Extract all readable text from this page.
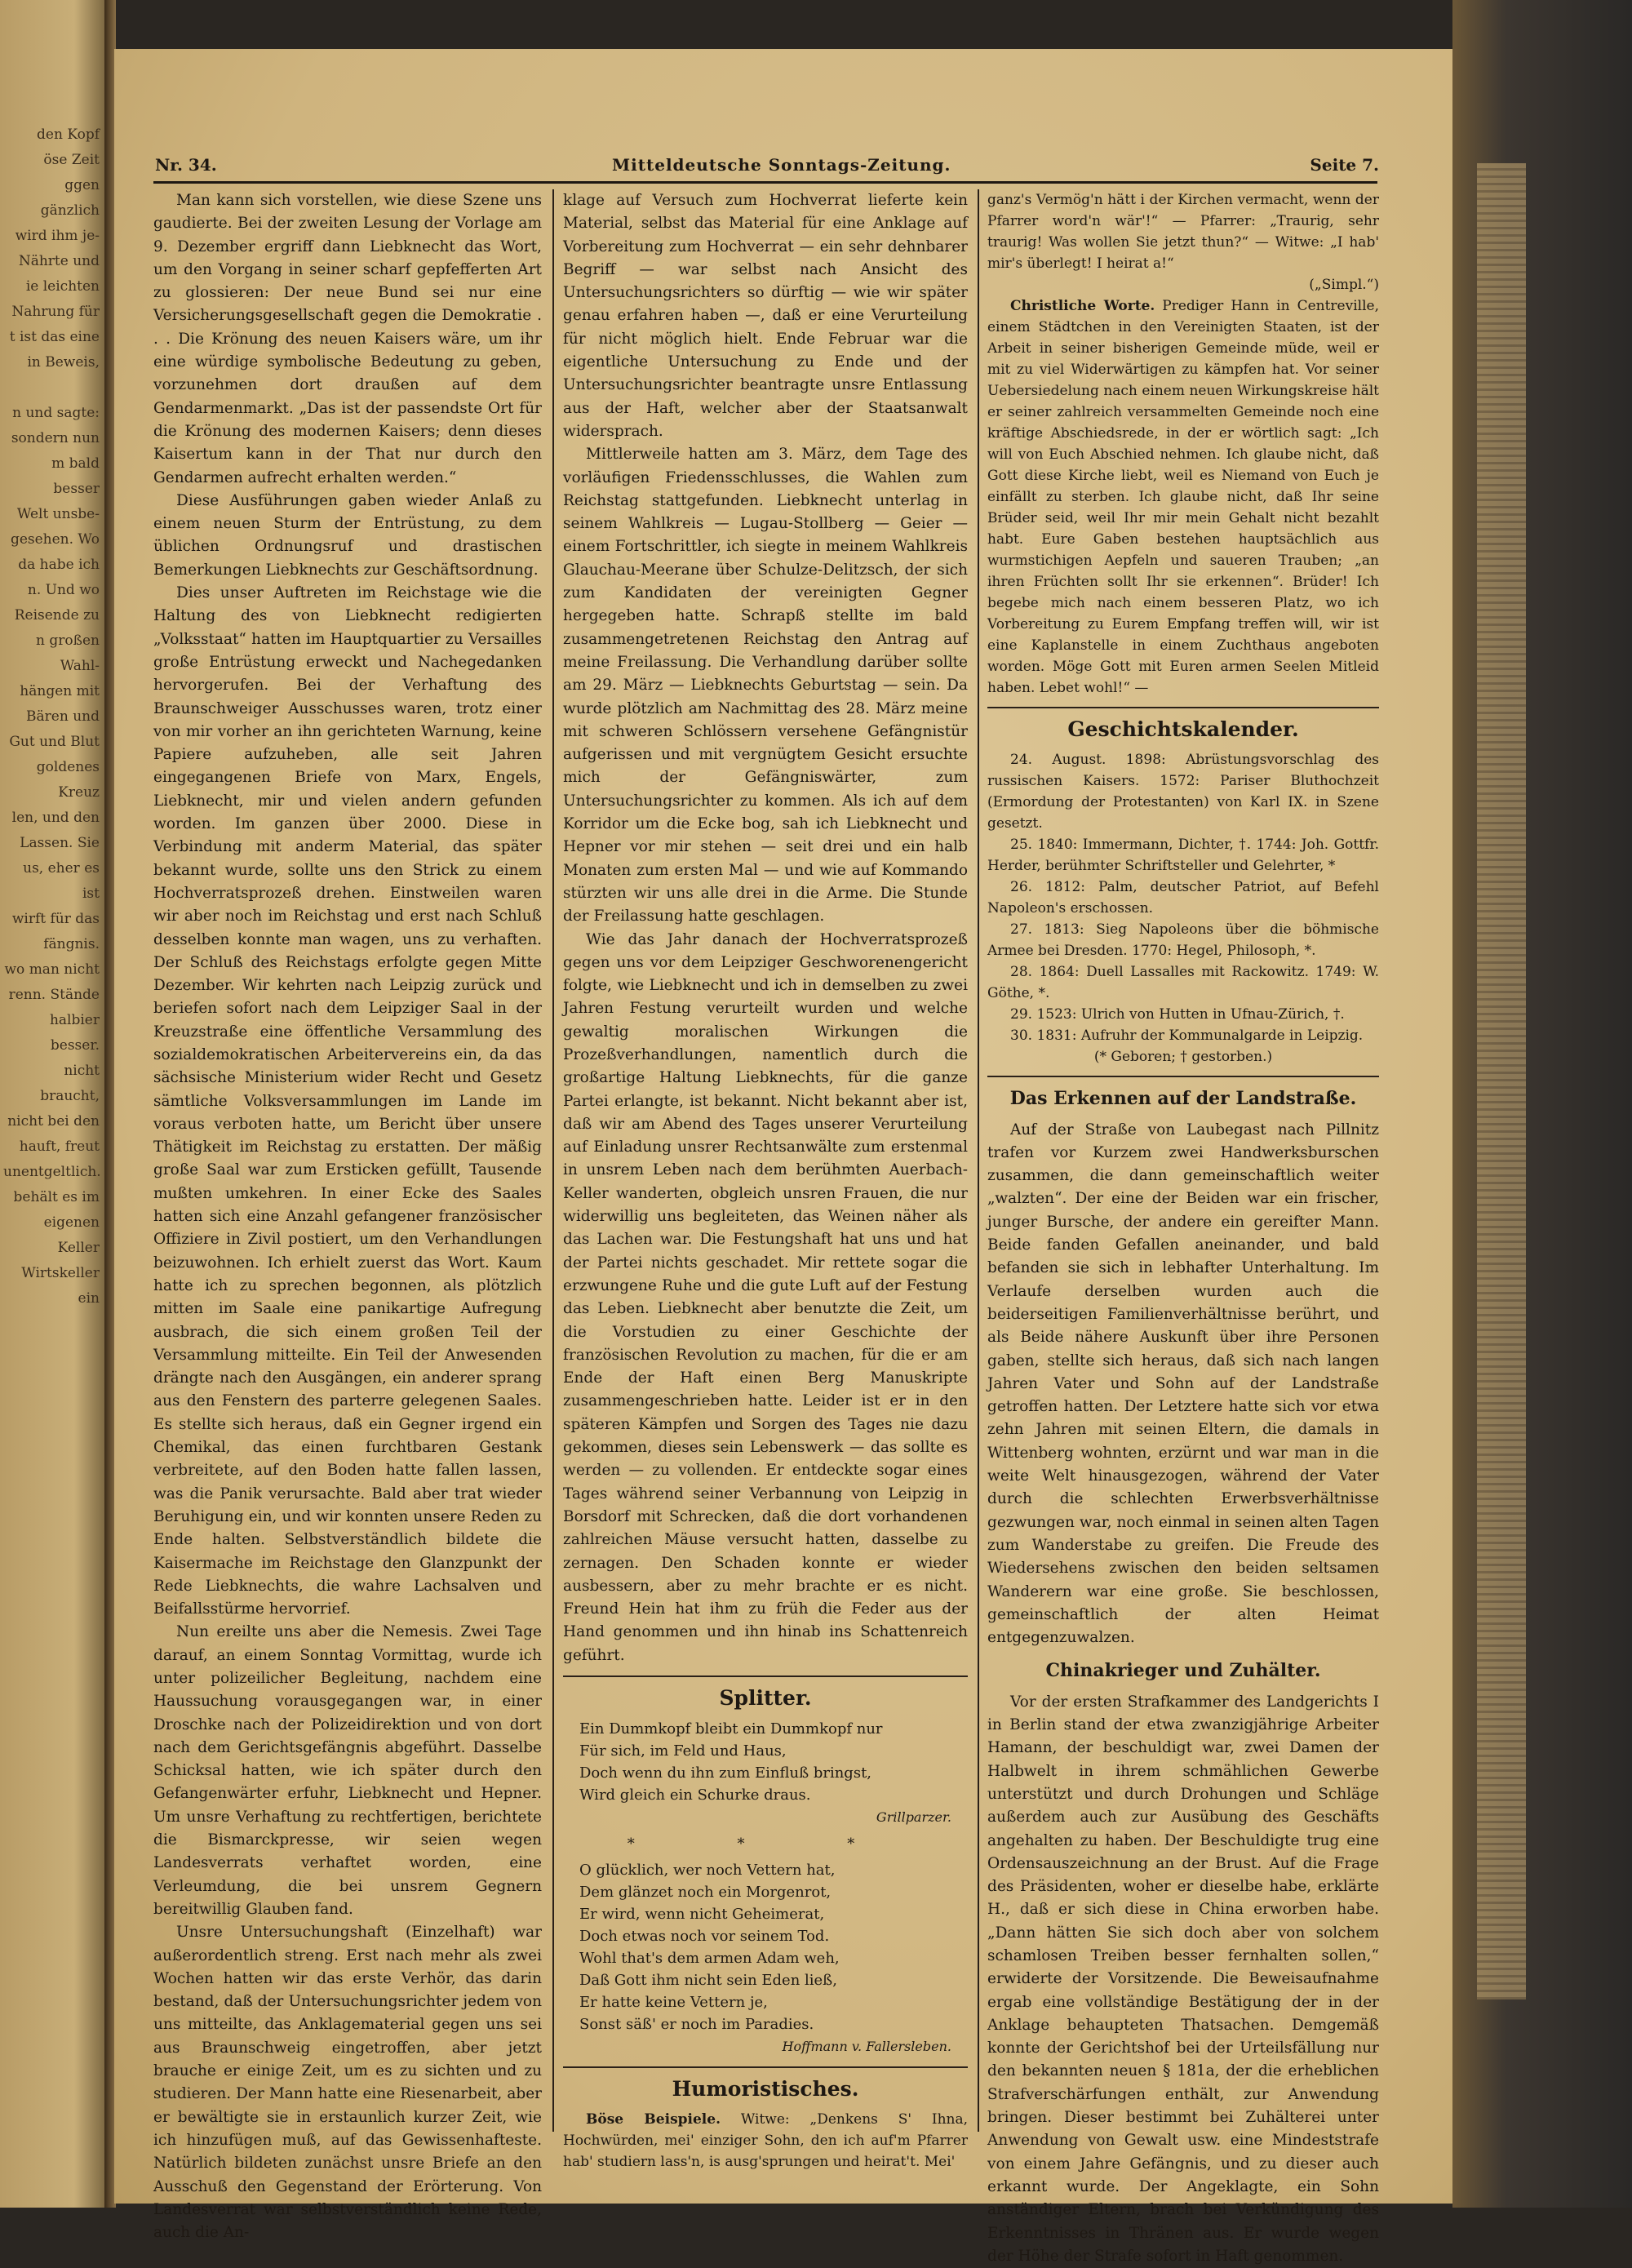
den Kopf
öse Zeit
ggen gänzlich
wird ihm je-
Nährte und
ie leichten
Nahrung für
t ist das eine
in Beweis,

n und sagte:
sondern nun
m bald besser
Welt unsbe-
gesehen. Wo
da habe ich
n. Und wo
Reisende zu
n großen Wahl-
hängen mit
Bären und
Gut und Blut
goldenes Kreuz
len, und den
Lassen. Sie
us, eher es ist
wirft für das
fängnis.
wo man nicht
renn. Stände
halbier besser.
nicht braucht,
nicht bei den
hauft, freut
unentgeltlich.
behält es im
eigenen Keller
Wirtskeller ein
Nr. 34.	Mitteldeutsche Sonntags-Zeitung.	Seite 7.

Man kann sich vorstellen, wie diese Szene uns gaudierte. Bei der zweiten Lesung der Vorlage am 9. Dezember ergriff dann Liebknecht das Wort, um den Vorgang in seiner scharf gepfefferten Art zu glossieren: Der neue Bund sei nur eine Versicherungsgesellschaft gegen die Demokratie . . . Die Krönung des neuen Kaisers wäre, um ihr eine würdige symbolische Bedeutung zu geben, vorzunehmen dort draußen auf dem Gendarmenmarkt. „Das ist der passendste Ort für die Krönung des modernen Kaisers; denn dieses Kaisertum kann in der That nur durch den Gendarmen aufrecht erhalten werden.“

Diese Ausführungen gaben wieder Anlaß zu einem neuen Sturm der Entrüstung, zu dem üblichen Ordnungsruf und drastischen Bemerkungen Liebknechts zur Geschäftsordnung.

Dies unser Auftreten im Reichstage wie die Haltung des von Liebknecht redigierten „Volksstaat“ hatten im Hauptquartier zu Versailles große Entrüstung erweckt und Nachegedanken hervorgerufen. Bei der Verhaftung des Braunschweiger Ausschusses waren, trotz einer von mir vorher an ihn gerichteten Warnung, keine Papiere aufzuheben, alle seit Jahren eingegangenen Briefe von Marx, Engels, Liebknecht, mir und vielen andern gefunden worden. Im ganzen über 2000. Diese in Verbindung mit anderm Material, das später bekannt wurde, sollte uns den Strick zu einem Hochverratsprozeß drehen. Einstweilen waren wir aber noch im Reichstag und erst nach Schluß desselben konnte man wagen, uns zu verhaften. Der Schluß des Reichstags erfolgte gegen Mitte Dezember. Wir kehrten nach Leipzig zurück und beriefen sofort nach dem Leipziger Saal in der Kreuzstraße eine öffentliche Versammlung des sozialdemokratischen Arbeitervereins ein, da das sächsische Ministerium wider Recht und Gesetz sämtliche Volksversammlungen im Lande im voraus verboten hatte, um Bericht über unsere Thätigkeit im Reichstag zu erstatten. Der mäßig große Saal war zum Ersticken gefüllt, Tausende mußten umkehren. In einer Ecke des Saales hatten sich eine Anzahl gefangener französischer Offiziere in Zivil postiert, um den Verhandlungen beizuwohnen. Ich erhielt zuerst das Wort. Kaum hatte ich zu sprechen begonnen, als plötzlich mitten im Saale eine panikartige Aufregung ausbrach, die sich einem großen Teil der Versammlung mitteilte. Ein Teil der Anwesenden drängte nach den Ausgängen, ein anderer sprang aus den Fenstern des parterre gelegenen Saales. Es stellte sich heraus, daß ein Gegner irgend ein Chemikal, das einen furchtbaren Gestank verbreitete, auf den Boden hatte fallen lassen, was die Panik verursachte. Bald aber trat wieder Beruhigung ein, und wir konnten unsere Reden zu Ende halten. Selbstverständlich bildete die Kaisermache im Reichstage den Glanzpunkt der Rede Liebknechts, die wahre Lachsalven und Beifallsstürme hervorrief.

Nun ereilte uns aber die Nemesis. Zwei Tage darauf, an einem Sonntag Vormittag, wurde ich unter polizeilicher Begleitung, nachdem eine Haussuchung vorausgegangen war, in einer Droschke nach der Polizeidirektion und von dort nach dem Gerichtsgefängnis abgeführt. Dasselbe Schicksal hatten, wie ich später durch den Gefangenwärter erfuhr, Liebknecht und Hepner. Um unsre Verhaftung zu rechtfertigen, berichtete die Bismarckpresse, wir seien wegen Landesverrats verhaftet worden, eine Verleumdung, die bei unsrem Gegnern bereitwillig Glauben fand.

Unsre Untersuchungshaft (Einzelhaft) war außerordentlich streng. Erst nach mehr als zwei Wochen hatten wir das erste Verhör, das darin bestand, daß der Untersuchungsrichter jedem von uns mitteilte, das Anklagematerial gegen uns sei aus Braunschweig eingetroffen, aber jetzt brauche er einige Zeit, um es zu sichten und zu studieren. Der Mann hatte eine Riesenarbeit, aber er bewältigte sie in erstaunlich kurzer Zeit, wie ich hinzufügen muß, auf das Gewissenhafteste. Natürlich bildeten zunächst unsre Briefe an den Ausschuß den Gegenstand der Erörterung. Von Landesverrat war selbstverständlich keine Rede, auch die An-

klage auf Versuch zum Hochverrat lieferte kein Material, selbst das Material für eine Anklage auf Vorbereitung zum Hochverrat — ein sehr dehnbarer Begriff — war selbst nach Ansicht des Untersuchungsrichters so dürftig — wie wir später genau erfahren haben —, daß er eine Verurteilung für nicht möglich hielt. Ende Februar war die eigentliche Untersuchung zu Ende und der Untersuchungsrichter beantragte unsre Entlassung aus der Haft, welcher aber der Staatsanwalt widersprach.

Mittlerweile hatten am 3. März, dem Tage des vorläufigen Friedensschlusses, die Wahlen zum Reichstag stattgefunden. Liebknecht unterlag in seinem Wahlkreis — Lugau-Stollberg — Geier — einem Fortschrittler, ich siegte in meinem Wahlkreis Glauchau-Meerane über Schulze-Delitzsch, der sich zum Kandidaten der vereinigten Gegner hergegeben hatte. Schrapß stellte im bald zusammengetretenen Reichstag den Antrag auf meine Freilassung. Die Verhandlung darüber sollte am 29. März — Liebknechts Geburtstag — sein. Da wurde plötzlich am Nachmittag des 28. März meine mit schweren Schlössern versehene Gefängnistür aufgerissen und mit vergnügtem Gesicht ersuchte mich der Gefängniswärter, zum Untersuchungsrichter zu kommen. Als ich auf dem Korridor um die Ecke bog, sah ich Liebknecht und Hepner vor mir stehen — seit drei und ein halb Monaten zum ersten Mal — und wie auf Kommando stürzten wir uns alle drei in die Arme. Die Stunde der Freilassung hatte geschlagen.

Wie das Jahr danach der Hochverratsprozeß gegen uns vor dem Leipziger Geschworenengericht folgte, wie Liebknecht und ich in demselben zu zwei Jahren Festung verurteilt wurden und welche gewaltig moralischen Wirkungen die Prozeßverhandlungen, namentlich durch die großartige Haltung Liebknechts, für die ganze Partei erlangte, ist bekannt. Nicht bekannt aber ist, daß wir am Abend des Tages unserer Verurteilung auf Einladung unsrer Rechtsanwälte zum erstenmal in unsrem Leben nach dem berühmten Auerbach-Keller wanderten, obgleich unsren Frauen, die nur widerwillig uns begleiteten, das Weinen näher als das Lachen war. Die Festungshaft hat uns und hat der Partei nichts geschadet. Mir rettete sogar die erzwungene Ruhe und die gute Luft auf der Festung das Leben. Liebknecht aber benutzte die Zeit, um die Vorstudien zu einer Geschichte der französischen Revolution zu machen, für die er am Ende der Haft einen Berg Manuskripte zusammengeschrieben hatte. Leider ist er in den späteren Kämpfen und Sorgen des Tages nie dazu gekommen, dieses sein Lebenswerk — das sollte es werden — zu vollenden. Er entdeckte sogar eines Tages während seiner Verbannung von Leipzig in Borsdorf mit Schrecken, daß die dort vorhandenen zahlreichen Mäuse versucht hatten, dasselbe zu zernagen. Den Schaden konnte er wieder ausbessern, aber zu mehr brachte er es nicht. Freund Hein hat ihm zu früh die Feder aus der Hand genommen und ihn hinab ins Schattenreich geführt.

Splitter.
Ein Dummkopf bleibt ein Dummkopf nur
Für sich, im Feld und Haus,
Doch wenn du ihn zum Einfluß bringst,
Wird gleich ein Schurke draus.
Grillparzer.
* * *
O glücklich, wer noch Vettern hat,
Dem glänzet noch ein Morgenrot,
Er wird, wenn nicht Geheimerat,
Doch etwas noch vor seinem Tod.
Wohl that's dem armen Adam weh,
Daß Gott ihm nicht sein Eden ließ,
Er hatte keine Vettern je,
Sonst säß' er noch im Paradies.
Hoffmann v. Fallersleben.
Humoristisches.

Böse Beispiele. Witwe: „Denkens S' Ihna, Hochwürden, mei' einziger Sohn, den ich auf'm Pfarrer hab' studiern lass'n, is ausg'sprungen und heirat't. Mei'

ganz's Vermög'n hätt i der Kirchen vermacht, wenn der Pfarrer word'n wär'!“ — Pfarrer: „Traurig, sehr traurig! Was wollen Sie jetzt thun?“ — Witwe: „I hab' mir's überlegt! I heirat a!“

(„Simpl.“)

Christliche Worte. Prediger Hann in Centreville, einem Städtchen in den Vereinigten Staaten, ist der Arbeit in seiner bisherigen Gemeinde müde, weil er mit zu viel Widerwärtigen zu kämpfen hat. Vor seiner Uebersiedelung nach einem neuen Wirkungskreise hält er seiner zahlreich versammelten Gemeinde noch eine kräftige Abschiedsrede, in der er wörtlich sagt: „Ich will von Euch Abschied nehmen. Ich glaube nicht, daß Gott diese Kirche liebt, weil es Niemand von Euch je einfällt zu sterben. Ich glaube nicht, daß Ihr seine Brüder seid, weil Ihr mir mein Gehalt nicht bezahlt habt. Eure Gaben bestehen hauptsächlich aus wurmstichigen Aepfeln und saueren Trauben; „an ihren Früchten sollt Ihr sie erkennen“. Brüder! Ich begebe mich nach einem besseren Platz, wo ich Vorbereitung zu Eurem Empfang treffen will, wir ist eine Kaplanstelle in einem Zuchthaus angeboten worden. Möge Gott mit Euren armen Seelen Mitleid haben. Lebet wohl!“ —

Geschichtskalender.

24. August. 1898: Abrüstungsvorschlag des russischen Kaisers. 1572: Pariser Bluthochzeit (Ermordung der Protestanten) von Karl IX. in Szene gesetzt.

25. 1840: Immermann, Dichter, †. 1744: Joh. Gottfr. Herder, berühmter Schriftsteller und Gelehrter, *

26. 1812: Palm, deutscher Patriot, auf Befehl Napoleon's erschossen.

27. 1813: Sieg Napoleons über die böhmische Armee bei Dresden. 1770: Hegel, Philosoph, *.

28. 1864: Duell Lassalles mit Rackowitz. 1749: W. Göthe, *.

29. 1523: Ulrich von Hutten in Ufnau-Zürich, †.

30. 1831: Aufruhr der Kommunalgarde in Leipzig.

(* Geboren; † gestorben.)
Das Erkennen auf der Landstraße.

Auf der Straße von Laubegast nach Pillnitz trafen vor Kurzem zwei Handwerksburschen zusammen, die dann gemeinschaftlich weiter „walzten“. Der eine der Beiden war ein frischer, junger Bursche, der andere ein gereifter Mann. Beide fanden Gefallen aneinander, und bald befanden sie sich in lebhafter Unterhaltung. Im Verlaufe derselben wurden auch die beiderseitigen Familienverhältnisse berührt, und als Beide nähere Auskunft über ihre Personen gaben, stellte sich heraus, daß sich nach langen Jahren Vater und Sohn auf der Landstraße getroffen hatten. Der Letztere hatte sich vor etwa zehn Jahren mit seinen Eltern, die damals in Wittenberg wohnten, erzürnt und war man in die weite Welt hinausgezogen, während der Vater durch die schlechten Erwerbsverhältnisse gezwungen war, noch einmal in seinen alten Tagen zum Wanderstabe zu greifen. Die Freude des Wiedersehens zwischen den beiden seltsamen Wanderern war eine große. Sie beschlossen, gemeinschaftlich der alten Heimat entgegenzuwalzen.

Chinakrieger und Zuhälter.

Vor der ersten Strafkammer des Landgerichts I in Berlin stand der etwa zwanzigjährige Arbeiter Hamann, der beschuldigt war, zwei Damen der Halbwelt in ihrem schmählichen Gewerbe unterstützt und durch Drohungen und Schläge außerdem auch zur Ausübung des Geschäfts angehalten zu haben. Der Beschuldigte trug eine Ordensauszeichnung an der Brust. Auf die Frage des Präsidenten, woher er dieselbe habe, erklärte H., daß er sich diese in China erworben habe. „Dann hätten Sie sich doch aber von solchem schamlosen Treiben besser fernhalten sollen,“ erwiderte der Vorsitzende. Die Beweisaufnahme ergab eine vollständige Bestätigung der in der Anklage behaupteten Thatsachen. Demgemäß konnte der Gerichtshof bei der Urteilsfällung nur den bekannten neuen § 181a, der die erheblichen Strafverschärfungen enthält, zur Anwendung bringen. Dieser bestimmt bei Zuhälterei unter Anwendung von Gewalt usw. eine Mindeststrafe von einem Jahre Gefängnis, und zu dieser auch erkannt wurde. Der Angeklagte, ein Sohn anständiger Eltern, brach bei Verkündigung des Erkenntnisses in Thränen aus. Er wurde wegen der Höhe der Strafe sofort in Haft genommen.
